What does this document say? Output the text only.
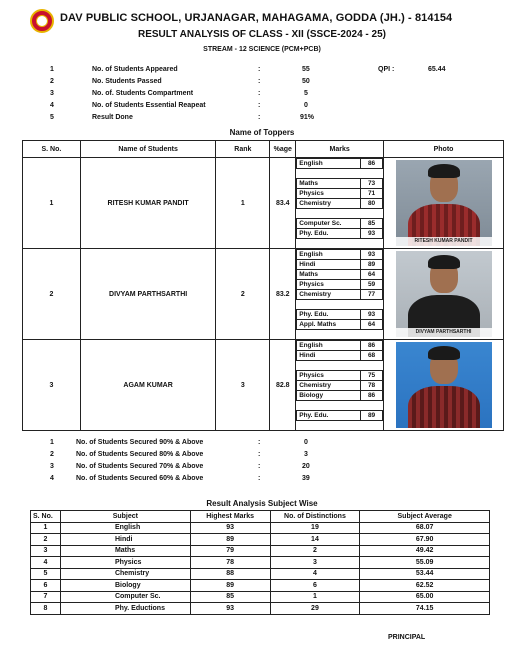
DAV PUBLIC SCHOOL, URJANAGAR, MAHAGAMA, GODDA (JH.) - 814154
RESULT ANALYSIS OF CLASS - XII (SSCE-2024 - 25)
STREAM - 12 SCIENCE (PCM+PCB)
1	No. of Students Appeared	:	55	QPI :	65.44
2	No. Students Passed	:	50
3	No. of. Students Compartment	:	5
4	No. of Students Essential Reapeat	:	0
5	Result Done	:	91%
Name of Toppers
S. No.	Name of Students	Rank	%age	Marks	Photo
1	RITESH KUMAR PANDIT	1	83.4	
English	86

Maths	73
Physics	71
Chemistry	80

Computer Sc.	85
Phy. Edu.	93

RITESH KUMAR PANDIT

2	DIVYAM PARTHSARTHI	2	83.2	
English	93
Hindi	89
Maths	64
Physics	59
Chemistry	77

Phy. Edu.	93
Appl. Maths	64

DIVYAM PARTHSARTHI

3	AGAM KUMAR	3	82.8	
English	86
Hindi	68

Physics	75
Chemistry	78
Biology	86

Phy. Edu.	89

1	No. of Students Secured 90% & Above	:	0
2	No. of Students Secured 80% & Above	:	3
3	No. of Students Secured 70% & Above	:	20
4	No. of Students Secured 60% & Above	:	39
Result Analysis Subject Wise
S. No.	Subject	Highest Marks	No. of Distinctions	Subject Average
1	English	93	19	68.07
2	Hindi	89	14	67.90
3	Maths	79	2	49.42
4	Physics	78	3	55.09
5	Chemistry	88	4	53.44
6	Biology	89	6	62.52
7	Computer Sc.	85	1	65.00
8	Phy. Eductions	93	29	74.15
PRINCIPAL
